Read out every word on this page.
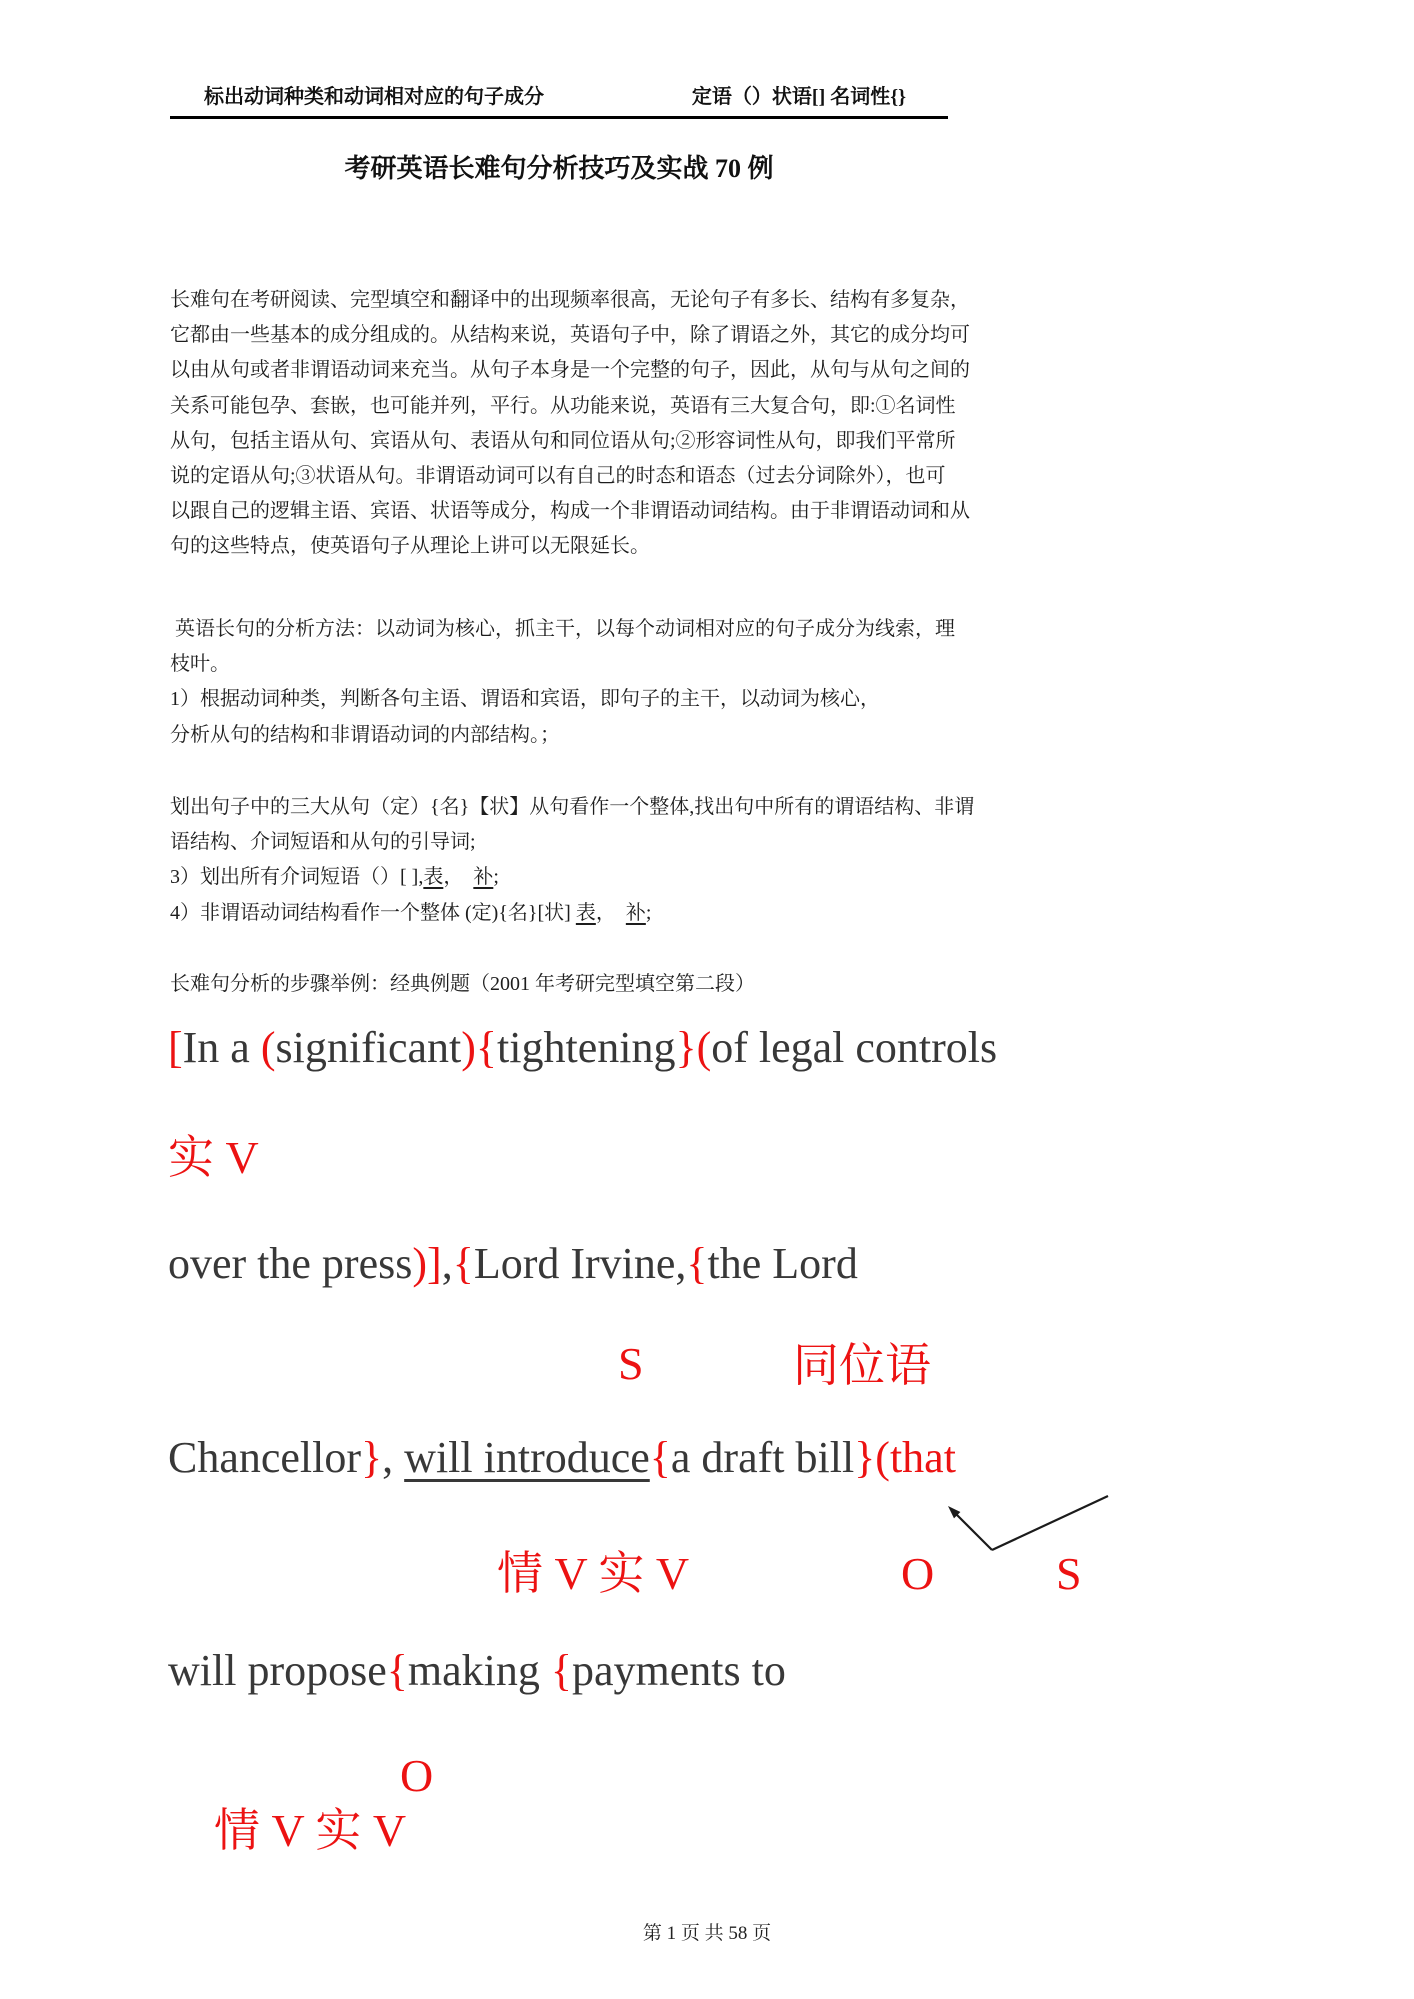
标出动词种类和动词相对应的句子成分	定语（）状语[] 名词性{}
考研英语长难句分析技巧及实战 70 例
长难句在考研阅读、完型填空和翻译中的出现频率很高，无论句子有多长、结构有多复杂，
它都由一些基本的成分组成的。从结构来说，英语句子中，除了谓语之外，其它的成分均可
以由从句或者非谓语动词来充当。从句子本身是一个完整的句子，因此，从句与从句之间的
关系可能包孕、套嵌，也可能并列，平行。从功能来说，英语有三大复合句，即:①名词性
从句，包括主语从句、宾语从句、表语从句和同位语从句;②形容词性从句，即我们平常所
说的定语从句;③状语从句。非谓语动词可以有自己的时态和语态（过去分词除外），也可
以跟自己的逻辑主语、宾语、状语等成分，构成一个非谓语动词结构。由于非谓语动词和从
句的这些特点，使英语句子从理论上讲可以无限延长。
英语长句的分析方法：以动词为核心，抓主干，以每个动词相对应的句子成分为线索，理
枝叶。
1）根据动词种类，判断各句主语、谓语和宾语，即句子的主干，以动词为核心，
分析从句的结构和非谓语动词的内部结构。；
划出句子中的三大从句（定）{名}【状】从句看作一个整体,找出句中所有的谓语结构、非谓
语结构、介词短语和从句的引导词;
3）划出所有介词短语（）[ ],表，  补;
4）非谓语动词结构看作一个整体 (定){名}[状] 表，  补;
长难句分析的步骤举例：经典例题（2001 年考研完型填空第二段）
[In a (significant){tightening}(of legal controls
实 V
over the press)],{Lord Irvine,{the Lord
S	同位语
Chancellor}, will introduce{a draft bill}(that
情 V 实 V	O	S
will propose{making {payments to

情 V 实 V

O

第 1 页 共 58 页
